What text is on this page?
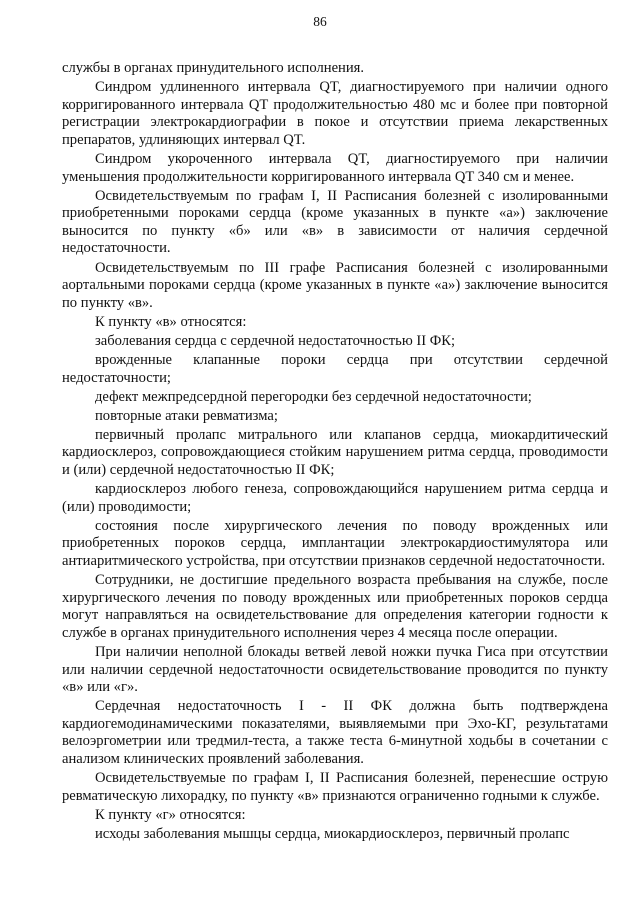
86

службы в органах принудительного исполнения.

Синдром удлиненного интервала QT, диагностируемого при наличии одного корригированного интервала QT продолжительностью 480 мс и более при повторной регистрации электрокардиографии в покое и отсутствии приема лекарственных препаратов, удлиняющих интервал QT.

Синдром укороченного интервала QT, диагностируемого при наличии уменьшения продолжительности корригированного интервала QT 340 см и менее.

Освидетельствуемым по графам I, II Расписания болезней с изолированными приобретенными пороками сердца (кроме указанных в пункте «а») заключение выносится по пункту «б» или «в» в зависимости от наличия сердечной недостаточности.

Освидетельствуемым по III графе Расписания болезней с изолированными аортальными пороками сердца (кроме указанных в пункте «а») заключение выносится по пункту «в».

К пункту «в» относятся:

заболевания сердца с сердечной недостаточностью II ФК;

врожденные клапанные пороки сердца при отсутствии сердечной недостаточности;

дефект межпредсердной перегородки без сердечной недостаточности;

повторные атаки ревматизма;

первичный пролапс митрального или клапанов сердца, миокардитический кардиосклероз, сопровождающиеся стойким нарушением ритма сердца, проводимости и (или) сердечной недостаточностью II ФК;

кардиосклероз любого генеза, сопровождающийся нарушением ритма сердца и (или) проводимости;

состояния после хирургического лечения по поводу врожденных или приобретенных пороков сердца, имплантации электрокардиостимулятора или антиаритмического устройства, при отсутствии признаков сердечной недостаточности.

Сотрудники, не достигшие предельного возраста пребывания на службе, после хирургического лечения по поводу врожденных или приобретенных пороков сердца могут направляться на освидетельствование для определения категории годности к службе в органах принудительного исполнения через 4 месяца после операции.

При наличии неполной блокады ветвей левой ножки пучка Гиса при отсутствии или наличии сердечной недостаточности освидетельствование проводится по пункту «в» или «г».

Сердечная недостаточность I - II ФК должна быть подтверждена кардиогемодинамическими показателями, выявляемыми при Эхо-КГ, результатами велоэргометрии или тредмил-теста, а также теста 6-минутной ходьбы в сочетании с анализом клинических проявлений заболевания.

Освидетельствуемые по графам I, II Расписания болезней, перенесшие острую ревматическую лихорадку, по пункту «в» признаются ограниченно годными к службе.

К пункту «г» относятся:

исходы заболевания мышцы сердца, миокардиосклероз, первичный пролапс
